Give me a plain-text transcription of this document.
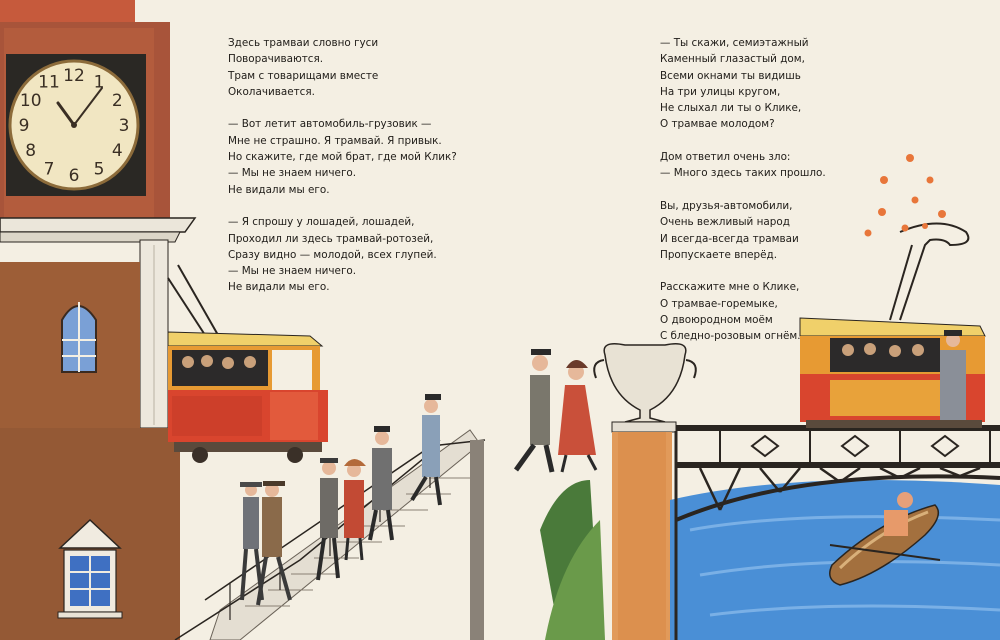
12 1
2
3
4
5
6
7
8
9
10
11
Здесь трамваи словно гуси
Поворачиваются.
Трам с товарищами вместе
Околачивается.
— Вот летит автомобиль-грузовик —
Мне не страшно. Я трамвай. Я привык.
Но скажите, где мой брат, где мой Клик?
— Мы не знаем ничего.
Не видали мы его.
— Я спрошу у лошадей, лошадей,
Проходил ли здесь трамвай-ротозей,
Сразу видно — молодой, всех глупей.
— Мы не знаем ничего.
Не видали мы его.
— Ты скажи, семиэтажный
Каменный глазастый дом,
Всеми окнами ты видишь
На три улицы кругом,
Не слыхал ли ты о Клике,
О трамвае молодом?
Дом ответил очень зло:
— Много здесь таких прошло.
Вы, друзья-автомобили,
Очень вежливый народ
И всегда-всегда трамваи
Пропускаете вперёд.
Расскажите мне о Клике,
О трамвае-горемыке,
О двоюродном моём
С бледно-розовым огнём.
